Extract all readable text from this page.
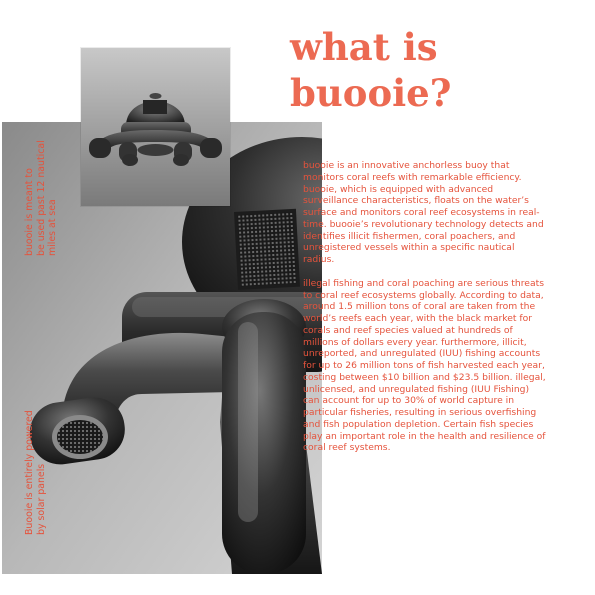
what is
buooie?
buooie is meant to be used past 12 nautical miles at sea
Buooie is entirely powered by solar panels

buooie is an innovative anchorless buoy that monitors coral reefs with remarkable efficiency. buooie, which is equipped with advanced surveillance characteristics, floats on the water’s surface and monitors coral reef ecosystems in real-time. buooie’s revolutionary technology detects and identifies illicit fishermen, coral poachers, and unregistered vessels within a specific nautical radius.

illegal fishing and coral poaching are serious threats to coral reef ecosystems globally. According to data, around 1.5 million tons of coral are taken from the world’s reefs each year, with the black market for corals and reef species valued at hundreds of millions of dollars every year. furthermore, illicit, unreported, and unregulated (IUU) fishing accounts for up to 26 million tons of fish harvested each year, costing between $10 billion and $23.5 billion. illegal, unlicensed, and unregulated fishing (IUU Fishing) can account for up to 30% of world capture in particular fisheries, resulting in serious overfishing and fish population depletion. Certain fish species play an important role in the health and resilience of coral reef systems.
